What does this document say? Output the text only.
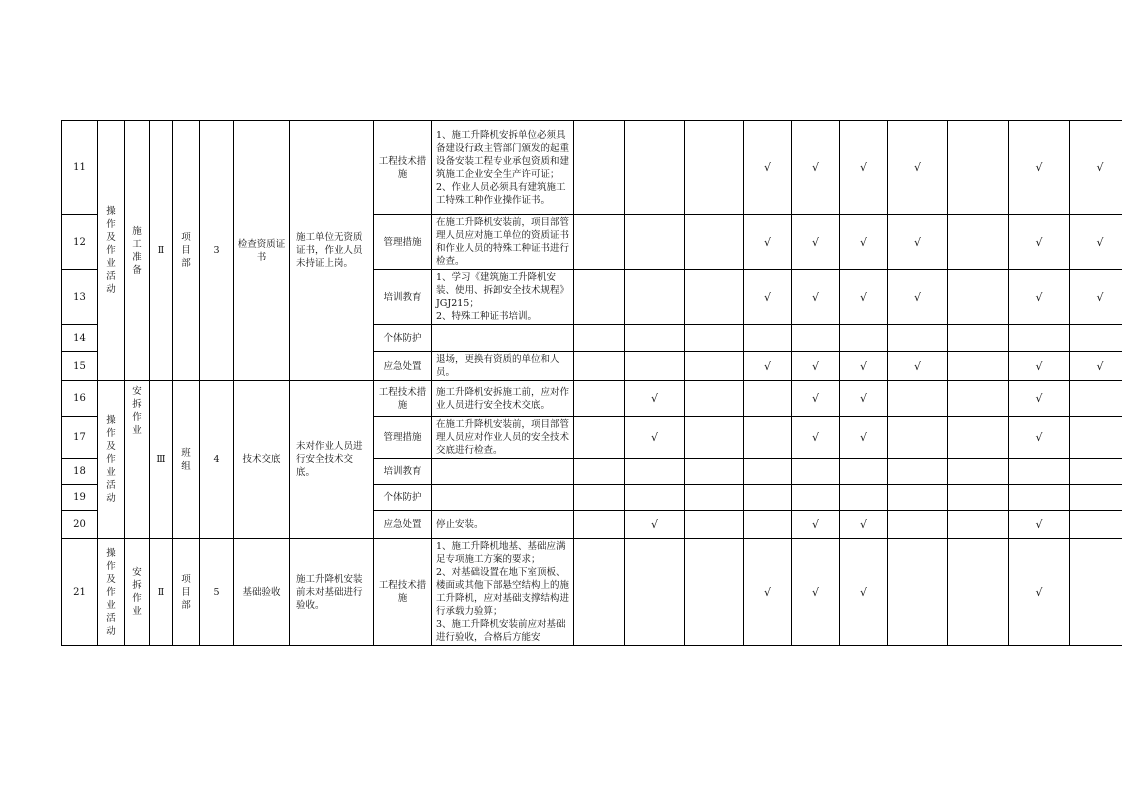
11	操作及作业活动	施工准备	Ⅱ	项目部	3	检查资质证书	施工单位无资质证书，作业人员未持证上岗。	工程技术措施	1、施工升降机安拆单位必须具备建设行政主管部门颁发的起重设备安装工程专业承包资质和建筑施工企业安全生产许可证；
2、作业人员必须具有建筑施工工特殊工种作业操作证书。				√	√	√	√		√	√
12								管理措施	在施工升降机安装前，项目部管理人员应对施工单位的资质证书和作业人员的特殊工种证书进行检查。				√	√	√	√		√	√
13								培训教育	1、学习《建筑施工升降机安装、使用、拆卸安全技术规程》JGJ215；
2、特殊工种证书培训。				√	√	√	√		√	√
14								个体防护											
15								应急处置	退场，更换有资质的单位和人员。				√	√	√	√		√	√
16	操作及作业活动	安拆作业	Ⅲ	班组	4	技术交底	未对作业人员进行安全技术交底。	工程技术措施	施工升降机安拆施工前，应对作业人员进行安全技术交底。		√			√	√			√	
17								管理措施	在施工升降机安装前，项目部管理人员应对作业人员的安全技术交底进行检查。		√			√	√			√	
18								培训教育											
19								个体防护											
20								应急处置	停止安装。		√			√	√			√	
21	操作及作业活动	安拆作业	Ⅱ	项目部	5	基础验收	施工升降机安装前未对基础进行验收。	工程技术措施	1、施工升降机地基、基础应满足专项施工方案的要求；
2、对基础设置在地下室顶板、楼面或其他下部悬空结构上的施工升降机，应对基础支撑结构进行承载力验算；
3、施工升降机安装前应对基础进行验收，合格后方能安				√	√	√			√	
